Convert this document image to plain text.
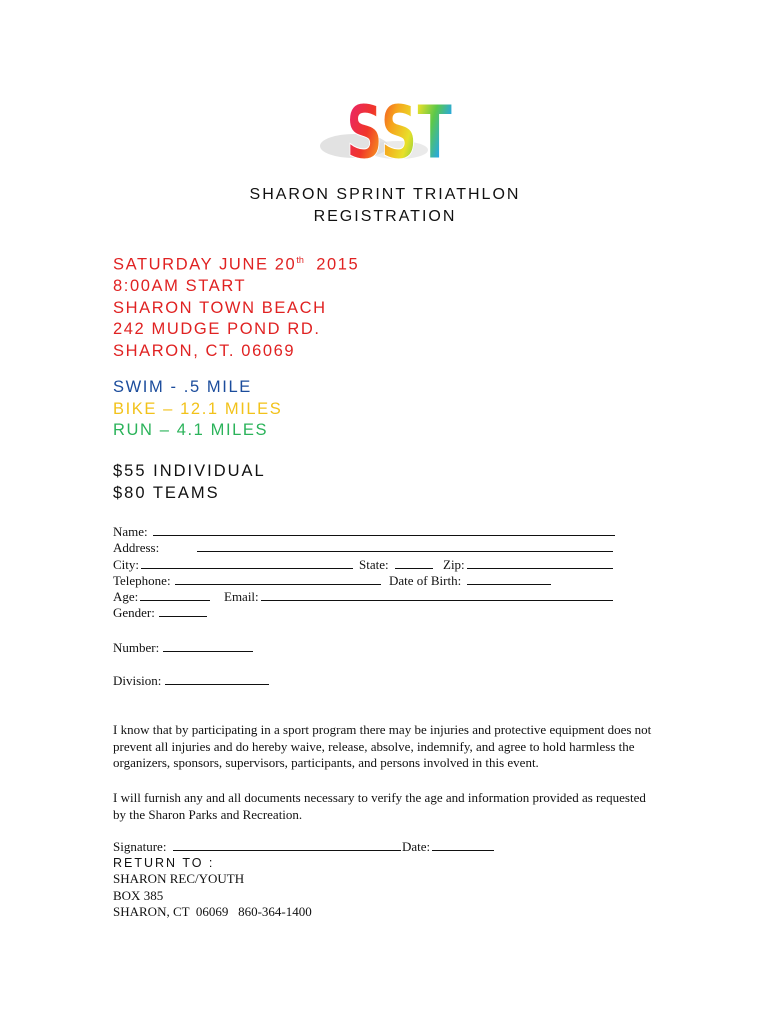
SST
SHARON SPRINT TRIATHLON
REGISTRATION
SATURDAY JUNE 20th 2015
8:00AM START
SHARON TOWN BEACH
242 MUDGE POND RD.
SHARON, CT. 06069
SWIM - .5 MILE
BIKE – 12.1 MILES
RUN – 4.1 MILES
$55 INDIVIDUAL
$80 TEAMS
Name:
Address:
City:	State:	Zip:
Telephone:	Date of Birth:
Age:	Email:
Gender:
Number:
Division:
I know that by participating in a sport program there may be injuries and protective equipment does not prevent all injuries and do hereby waive, release, absolve, indemnify, and agree to hold harmless the organizers, sponsors, supervisors, participants, and persons involved in this event.
I will furnish any and all documents necessary to verify the age and information provided as requested by the Sharon Parks and Recreation.
Signature:	Date:
RETURN TO :
SHARON REC/YOUTH
BOX 385
SHARON, CT  06069   860-364-1400
